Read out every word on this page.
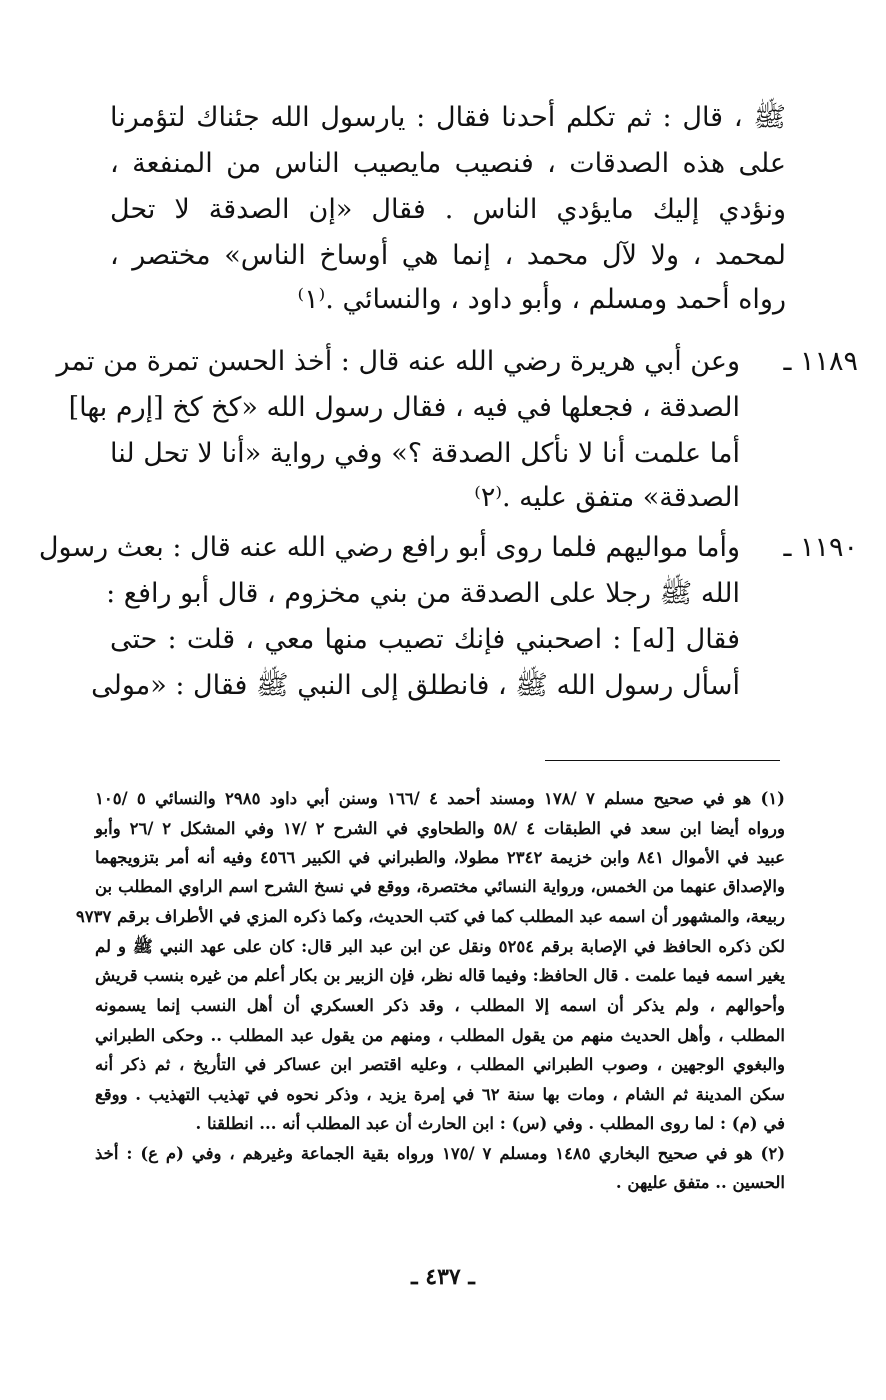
ﷺ ، قال : ثم تكلم أحدنا فقال : يارسول الله جئناك لتؤمرنا
على هذه الصدقات ، فنصيب مايصيب الناس من المنفعة ،
ونؤدي إليك مايؤدي الناس . فقال «إن الصدقة لا تحل
لمحمد ، ولا لآل محمد ، إنما هي أوساخ الناس» مختصر ،
رواه أحمد ومسلم ، وأبو داود ، والنسائي .⁽١⁾
١١٨٩ ـ
وعن أبي هريرة رضي الله عنه قال : أخذ الحسن تمرة من تمر
الصدقة ، فجعلها في فيه ، فقال رسول الله «كخ كخ [إرم بها]
أما علمت أنا لا نأكل الصدقة ؟» وفي رواية «أنا لا تحل لنا
الصدقة» متفق عليه .⁽٢⁾
١١٩٠ ـ
وأما مواليهم فلما روى أبو رافع رضي الله عنه قال : بعث رسول
الله ﷺ رجلا على الصدقة من بني مخزوم ، قال أبو رافع :
فقال [له] : اصحبني فإنك تصيب منها معي ، قلت : حتى
أسأل رسول الله ﷺ ، فانطلق إلى النبي ﷺ فقال : «مولى
(١) هو في صحيح مسلم ٧ /١٧٨ ومسند أحمد ٤ /١٦٦ وسنن أبي داود ٢٩٨٥ والنسائي ٥ /١٠٥
ورواه أيضا ابن سعد في الطبقات ٤ /٥٨ والطحاوي في الشرح ٢ /١٧ وفي المشكل ٢ /٢٦ وأبو
عبيد في الأموال ٨٤١ وابن خزيمة ٢٣٤٢ مطولا، والطبراني في الكبير ٤٥٦٦ وفيه أنه أمر بتزويجهما
والإصداق عنهما من الخمس، ورواية النسائي مختصرة، ووقع في نسخ الشرح اسم الراوي المطلب بن
ربيعة، والمشهور أن اسمه عبد المطلب كما في كتب الحديث، وكما ذكره المزي في الأطراف برقم ٩٧٣٧
لكن ذكره الحافظ في الإصابة برقم ٥٢٥٤ ونقل عن ابن عبد البر قال: كان على عهد النبي ﷺ و لم
يغير اسمه فيما علمت . قال الحافظ: وفيما قاله نظر، فإن الزبير بن بكار أعلم من غيره بنسب قريش
وأحوالهم ، ولم يذكر أن اسمه إلا المطلب ، وقد ذكر العسكري أن أهل النسب إنما يسمونه
المطلب ، وأهل الحديث منهم من يقول المطلب ، ومنهم من يقول عبد المطلب .. وحكى الطبراني
والبغوي الوجهين ، وصوب الطبراني المطلب ، وعليه اقتصر ابن عساكر في التأريخ ، ثم ذكر أنه
سكن المدينة ثم الشام ، ومات بها سنة ٦٢ في إمرة يزيد ، وذكر نحوه في تهذيب التهذيب . ووقع
في (م) : لما روى المطلب . وفي (س) : ابن الحارث أن عبد المطلب أنه ... انطلقنا .
(٢) هو في صحيح البخاري ١٤٨٥ ومسلم ٧ /١٧٥ ورواه بقية الجماعة وغيرهم ، وفي (م ع) : أخذ
الحسين .. متفق عليهن .
ـ ٤٣٧ ـ
